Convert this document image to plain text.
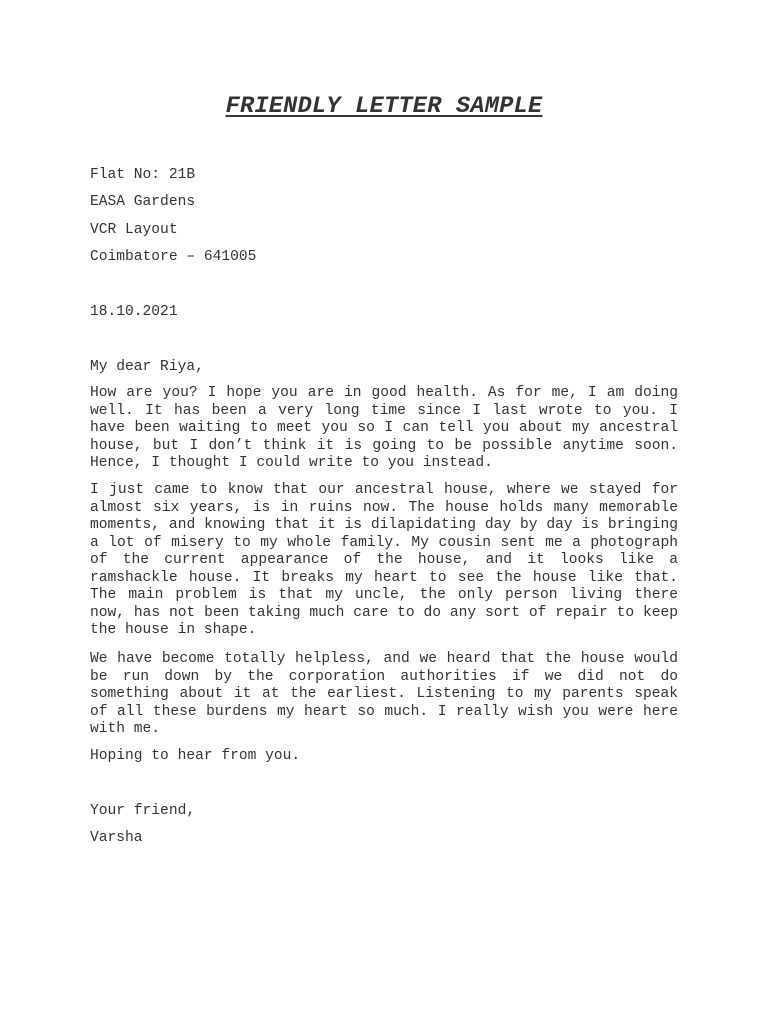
FRIENDLY LETTER SAMPLE

Flat No: 21B

EASA Gardens

VCR Layout

Coimbatore – 641005

18.10.2021

My dear Riya,

How are you? I hope you are in good health. As for me, I am doing well. It has been a very long time since I last wrote to you. I have been waiting to meet you so I can tell you about my ancestral house, but I don’t think it is going to be possible anytime soon. Hence, I thought I could write to you instead.

I just came to know that our ancestral house, where we stayed for almost six years, is in ruins now. The house holds many memorable moments, and knowing that it is dilapidating day by day is bringing a lot of misery to my whole family. My cousin sent me a photograph of the current appearance of the house, and it looks like a ramshackle house. It breaks my heart to see the house like that. The main problem is that my uncle, the only person living there now, has not been taking much care to do any sort of repair to keep the house in shape.

We have become totally helpless, and we heard that the house would be run down by the corporation authorities if we did not do something about it at the earliest. Listening to my parents speak of all these burdens my heart so much. I really wish you were here with me.

Hoping to hear from you.

Your friend,

Varsha
